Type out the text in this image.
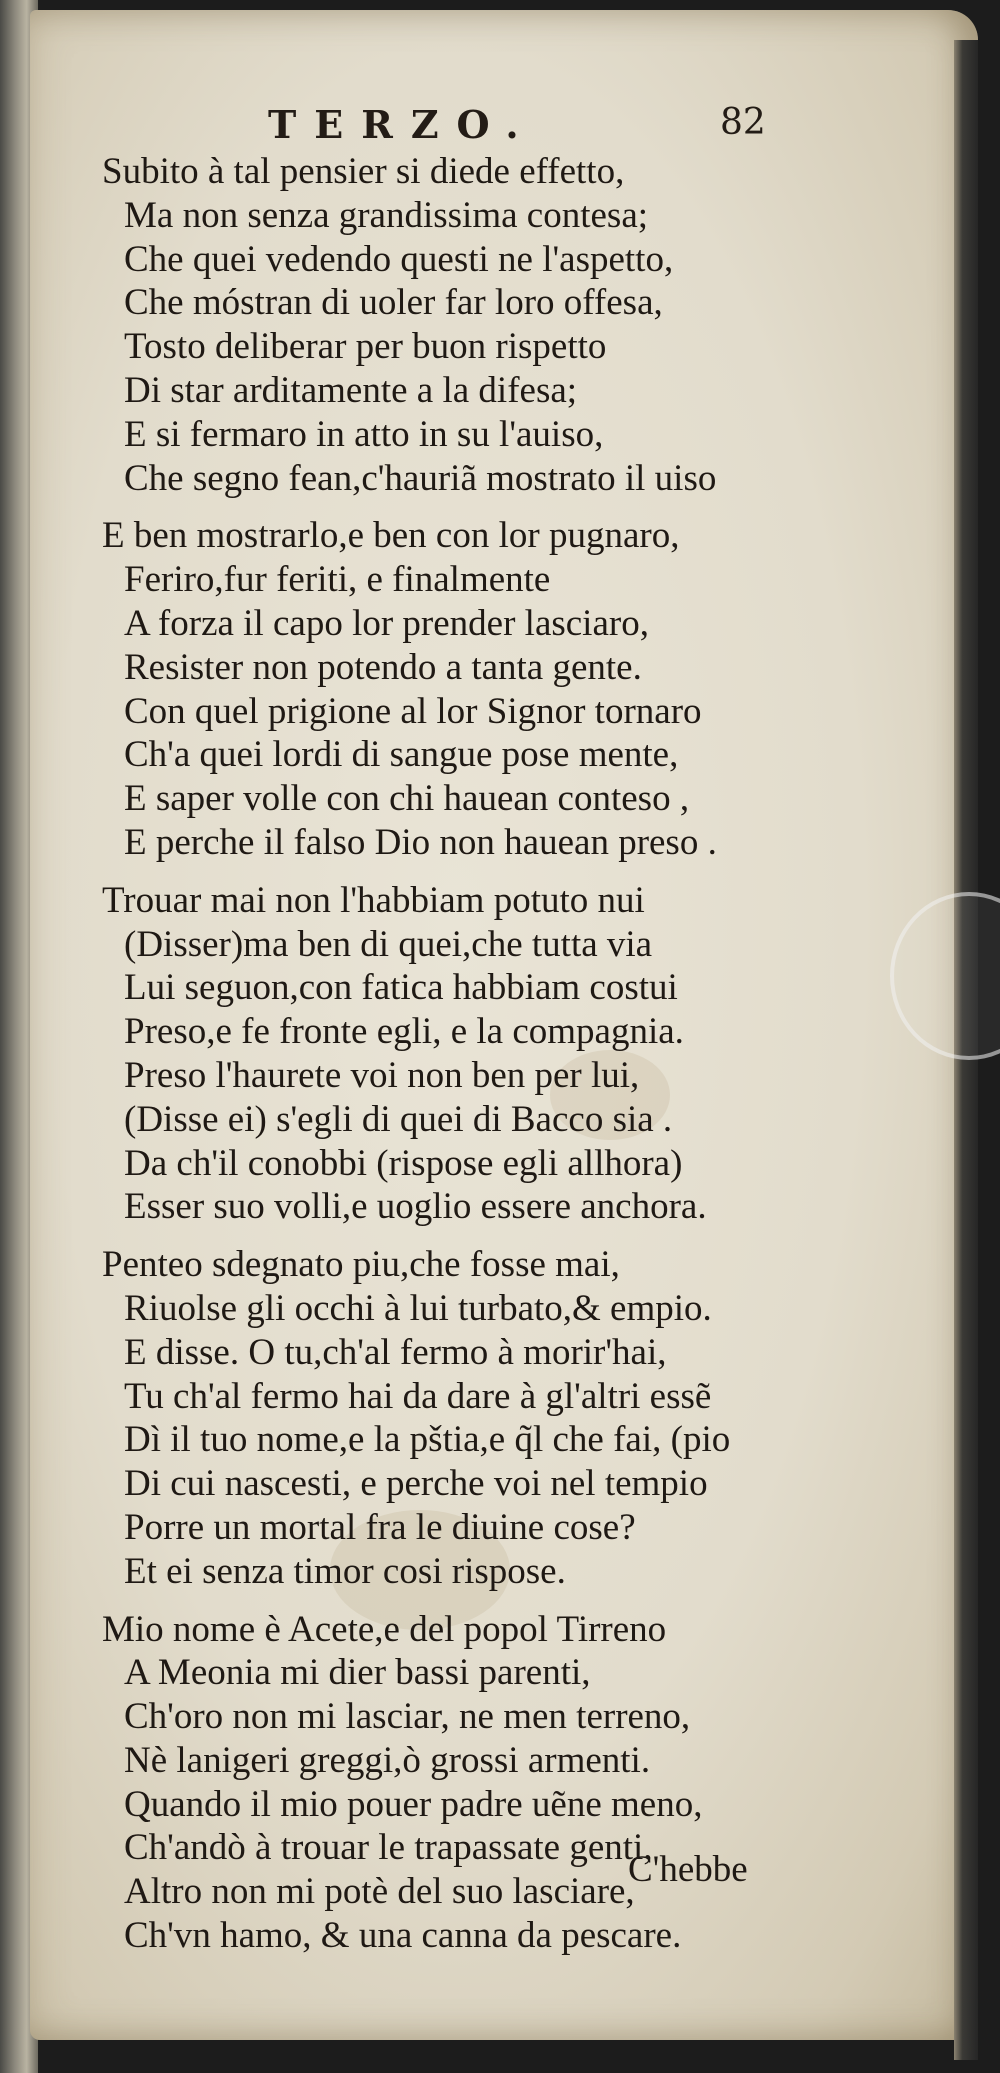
TERZO.	82
Subito à tal pensier si diede effetto,
Ma non senza grandissima contesa;
Che quei vedendo questi ne l'aspetto,
Che móstran di uoler far loro offesa,
Tosto deliberar per buon rispetto
Di star arditamente a la difesa;
E si fermaro in atto in su l'auiso,
Che segno fean,c'hauriã mostrato il uiso
E ben mostrarlo,e ben con lor pugnaro,
Feriro,fur feriti, e finalmente
A forza il capo lor prender lasciaro,
Resister non potendo a tanta gente.
Con quel prigione al lor Signor tornaro
Ch'a quei lordi di sangue pose mente,
E saper volle con chi hauean conteso ,
E perche il falso Dio non hauean preso .
Trouar mai non l'habbiam potuto nui
(Disser)ma ben di quei,che tutta via
Lui seguon,con fatica habbiam costui
Preso,e fe fronte egli, e la compagnia.
Preso l'haurete voi non ben per lui,
(Disse ei) s'egli di quei di Bacco sia .
Da ch'il conobbi (rispose egli allhora)
Esser suo volli,e uoglio essere anchora.
Penteo sdegnato piu,che fosse mai,
Riuolse gli occhi à lui turbato,& empio.
E disse. O tu,ch'al fermo à morir'hai,
Tu ch'al fermo hai da dare à gl'altri essẽ
Dì il tuo nome,e la pštia,e q̃l che fai, (pio
Di cui nascesti, e perche voi nel tempio
Porre un mortal fra le diuine cose?
Et ei senza timor cosi rispose.
Mio nome è Acete,e del popol Tirreno
A Meonia mi dier bassi parenti,
Ch'oro non mi lasciar, ne men terreno,
Nè lanigeri greggi,ò grossi armenti.
Quando il mio pouer padre uẽne meno,
Ch'andò à trouar le trapassate genti,
Altro non mi potè del suo lasciare,
Ch'vn hamo, & una canna da pescare.
C'hebbe
